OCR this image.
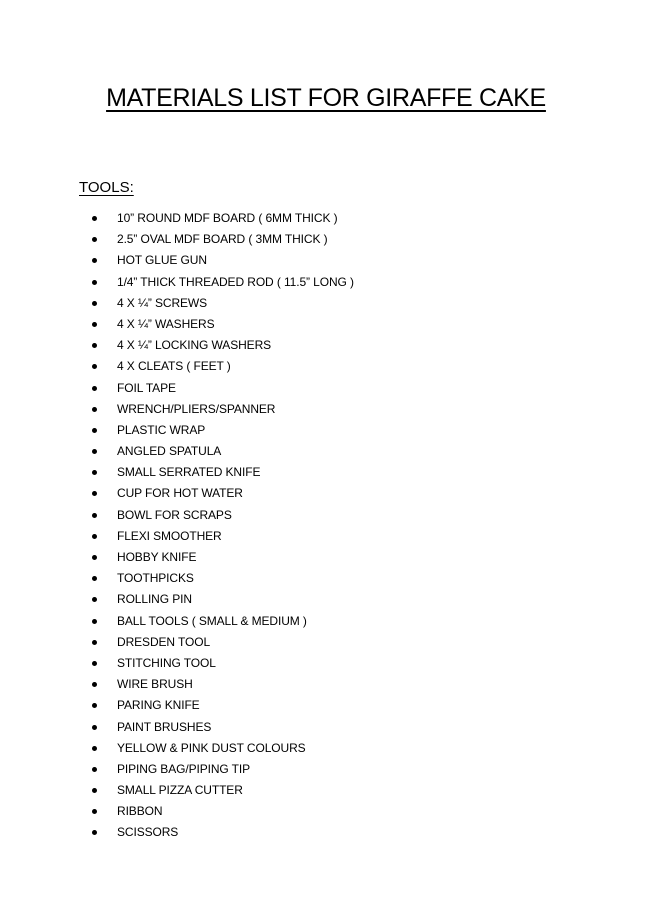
MATERIALS LIST FOR GIRAFFE CAKE
TOOLS:
10” ROUND MDF BOARD ( 6MM THICK )
2.5” OVAL MDF BOARD ( 3MM THICK )
HOT GLUE GUN
1/4” THICK THREADED ROD ( 11.5” LONG )
4 X ¼” SCREWS
4 X ¼” WASHERS
4 X ¼” LOCKING WASHERS
4 X CLEATS ( FEET )
FOIL TAPE
WRENCH/PLIERS/SPANNER
PLASTIC WRAP
ANGLED SPATULA
SMALL SERRATED KNIFE
CUP FOR HOT WATER
BOWL FOR SCRAPS
FLEXI SMOOTHER
HOBBY KNIFE
TOOTHPICKS
ROLLING PIN
BALL TOOLS ( SMALL & MEDIUM )
DRESDEN TOOL
STITCHING TOOL
WIRE BRUSH
PARING KNIFE
PAINT BRUSHES
YELLOW & PINK DUST COLOURS
PIPING BAG/PIPING TIP
SMALL PIZZA CUTTER
RIBBON
SCISSORS
